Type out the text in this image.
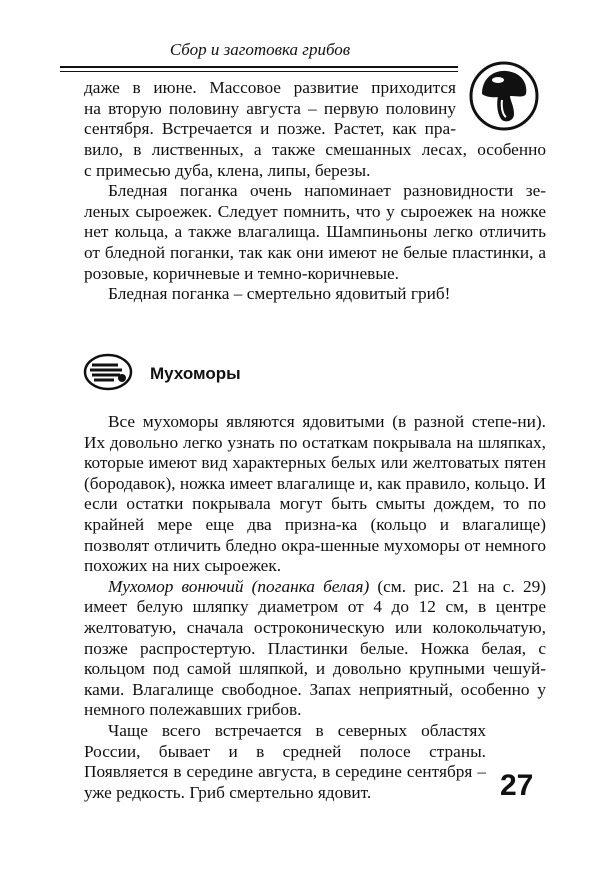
Сбор и заготовка грибов

даже в июне. Массовое развитие приходится

на вторую половину августа – первую половину

сентября. Встречается и позже. Растет, как пра-

вило, в лиственных, а также смешанных лесах, особенно

с примесью дуба, клена, липы, березы.

Бледная поганка очень напоминает разновидности зе-леных сыроежек. Следует помнить, что у сыроежек на ножке нет кольца, а также влагалища. Шампиньоны легко отличить от бледной поганки, так как они имеют не белые пластинки, а розовые, коричневые и темно-коричневые.

Бледная поганка – смертельно ядовитый гриб!

Мухоморы

Все мухоморы являются ядовитыми (в разной степе-ни). Их довольно легко узнать по остаткам покрывала на шляпках, которые имеют вид характерных белых или желтоватых пятен (бородавок), ножка имеет влагалище и, как правило, кольцо. И если остатки покрывала могут быть смыты дождем, то по крайней мере еще два призна-ка (кольцо и влагалище) позволят отличить бледно окра-шенные мухоморы от немного похожих на них сыроежек.

Мухомор вонючий (поганка белая) (см. рис. 21 на с. 29) имеет белую шляпку диаметром от 4 до 12 см, в центре желтоватую, сначала остроконическую или колокольчатую, позже распростертую. Пластинки белые. Ножка белая, с кольцом под самой шляпкой, и довольно крупными чешуй-ками. Влагалище свободное. Запах неприятный, особенно у немного полежавших грибов.

Чаще всего встречается в северных областях России, бывает и в средней полосе страны. Появляется в середине августа, в середине сентября – уже редкость. Гриб смертельно ядовит.	27
